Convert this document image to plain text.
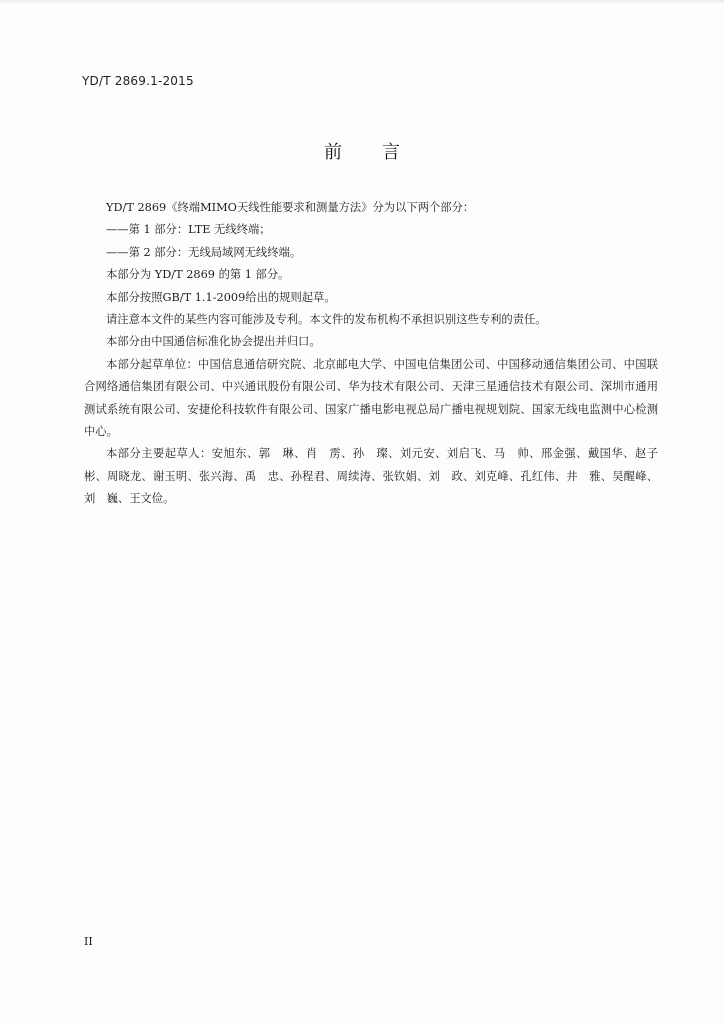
YD/T 2869.1-2015
前言

YD/T 2869《终端MIMO天线性能要求和测量方法》分为以下两个部分：

——第 1 部分：LTE 无线终端；

——第 2 部分：无线局域网无线终端。

本部分为 YD/T 2869 的第 1 部分。

本部分按照GB/T 1.1-2009给出的规则起草。

请注意本文件的某些内容可能涉及专利。本文件的发布机构不承担识别这些专利的责任。

本部分由中国通信标准化协会提出并归口。

本部分起草单位：中国信息通信研究院、北京邮电大学、中国电信集团公司、中国移动通信集团公司、中国联合网络通信集团有限公司、中兴通讯股份有限公司、华为技术有限公司、天津三星通信技术有限公司、深圳市通用测试系统有限公司、安捷伦科技软件有限公司、国家广播电影电视总局广播电视规划院、国家无线电监测中心检测中心。

本部分主要起草人：安旭东、郭　琳、肖　雳、孙　璨、刘元安、刘启飞、马　帅、邢金强、戴国华、赵子彬、周晓龙、谢玉明、张兴海、禹　忠、孙程君、周续涛、张钦娟、刘　政、刘克峰、孔红伟、井　雅、吴醒峰、刘　巍、王文俭。

II
